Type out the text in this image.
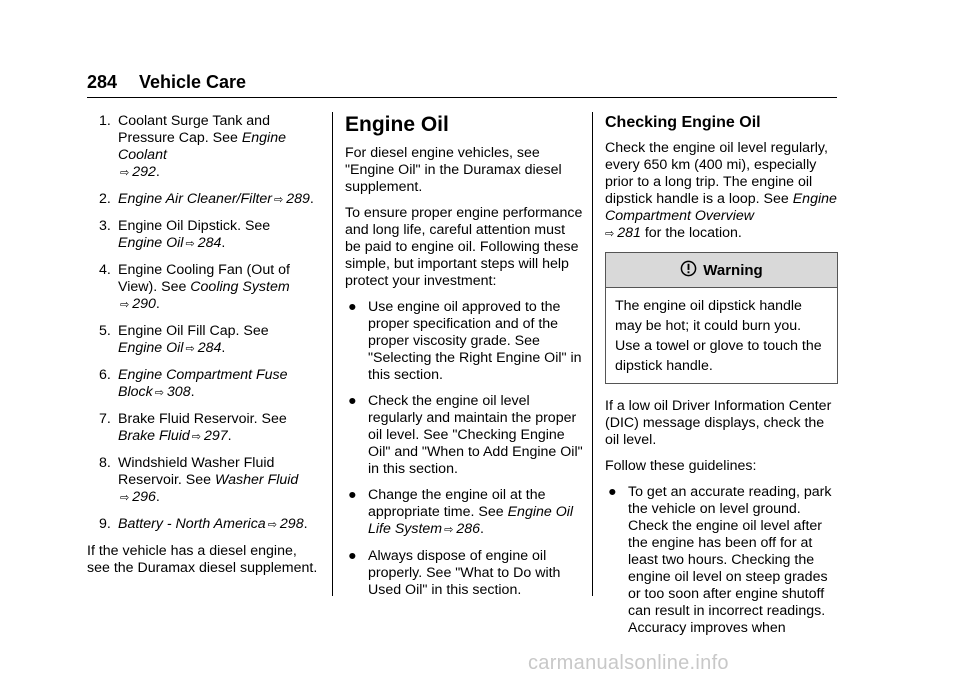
284 Vehicle Care
1. Coolant Surge Tank and Pressure Cap. See Engine Coolant
⇨ 292.
2. Engine Air Cleaner/Filter ⇨ 289.
3. Engine Oil Dipstick. See
Engine Oil ⇨ 284.
4. Engine Cooling Fan (Out of View). See Cooling System
⇨ 290.
5. Engine Oil Fill Cap. See
Engine Oil ⇨ 284.
6. Engine Compartment Fuse Block ⇨ 308.
7. Brake Fluid Reservoir. See
Brake Fluid ⇨ 297.
8. Windshield Washer Fluid Reservoir. See Washer Fluid
⇨ 296.
9. Battery - North America ⇨ 298.

If the vehicle has a diesel engine, see the Duramax diesel supplement.

Engine Oil

For diesel engine vehicles, see "Engine Oil" in the Duramax diesel supplement.

To ensure proper engine performance and long life, careful attention must be paid to engine oil. Following these simple, but important steps will help protect your investment:

● Use engine oil approved to the proper specification and of the proper viscosity grade. See "Selecting the Right Engine Oil" in this section.
● Check the engine oil level regularly and maintain the proper oil level. See "Checking Engine Oil" and "When to Add Engine Oil" in this section.
● Change the engine oil at the appropriate time. See Engine Oil Life System ⇨ 286.
● Always dispose of engine oil properly. See "What to Do with Used Oil" in this section.
Checking Engine Oil

Check the engine oil level regularly, every 650 km (400 mi), especially prior to a long trip. The engine oil dipstick handle is a loop. See Engine Compartment Overview
⇨ 281 for the location.

Warning
The engine oil dipstick handle may be hot; it could burn you. Use a towel or glove to touch the dipstick handle.

If a low oil Driver Information Center (DIC) message displays, check the oil level.

Follow these guidelines:

● To get an accurate reading, park the vehicle on level ground. Check the engine oil level after the engine has been off for at least two hours. Checking the engine oil level on steep grades or too soon after engine shutoff can result in incorrect readings. Accuracy improves when
carmanualsonline.info
